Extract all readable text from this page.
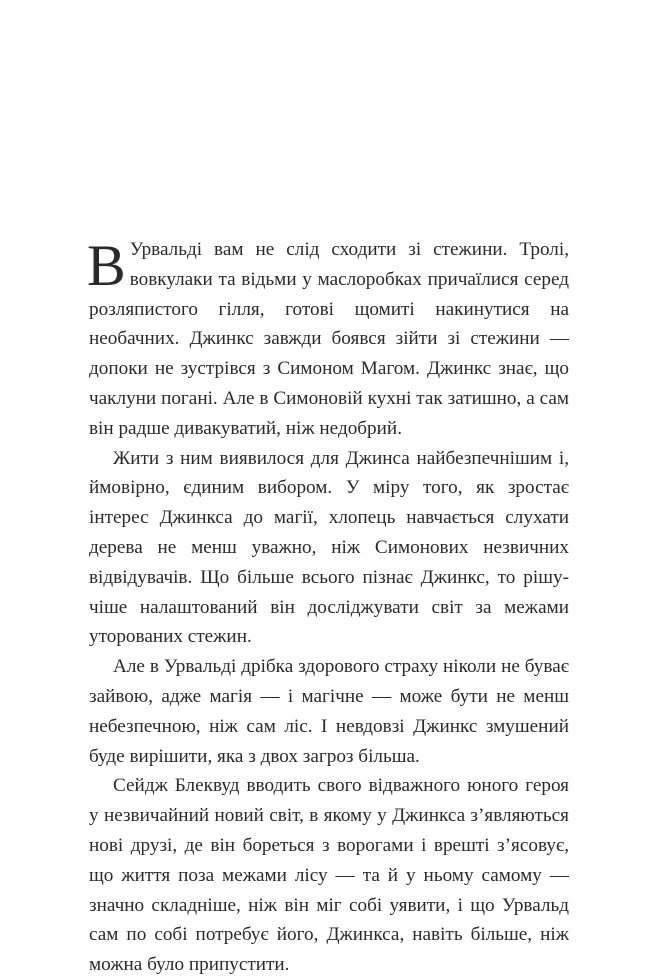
В Урвальді вам не слід сходити зі стежини. Тролі, вовкулаки та відьми у маслоробках причаїлися серед розляпистого гілля, готові щомиті накинутися на необачних. Джинкс завжди боявся зійти зі стежини — допоки не зустрівся з Симоном Магом. Джинкс знає, що чаклуни погані. Але в Симоновій кухні так затишно, а сам він радше дивакуватий, ніж недобрий.

Жити з ним виявилося для Джинса найбезпечнішим і, ймовірно, єдиним вибором. У міру того, як зростає інтерес Джинкса до магії, хлопець навчається слухати дерева не менш уважно, ніж Симонових незвичних відвідувачів. Що більше всього пізнає Джинкс, то рішучіше налаштований він досліджувати світ за межами уторованих стежин.

Але в Урвальді дрібка здорового страху ніколи не буває зайвою, адже магія — і магічне — може бути не менш небезпечною, ніж сам ліс. І невдовзі Джинкс змушений буде вирішити, яка з двох загроз більша.

Сейдж Блеквуд вводить свого відважного юного героя у незвичайний новий світ, в якому у Джинкса з’являються нові друзі, де він бореться з ворогами і врешті з’ясовує, що життя поза межами лісу — та й у ньому самому — значно складніше, ніж він міг собі уявити, і що Урвальд сам по собі потребує його, Джинкса, навіть більше, ніж можна було припустити.
